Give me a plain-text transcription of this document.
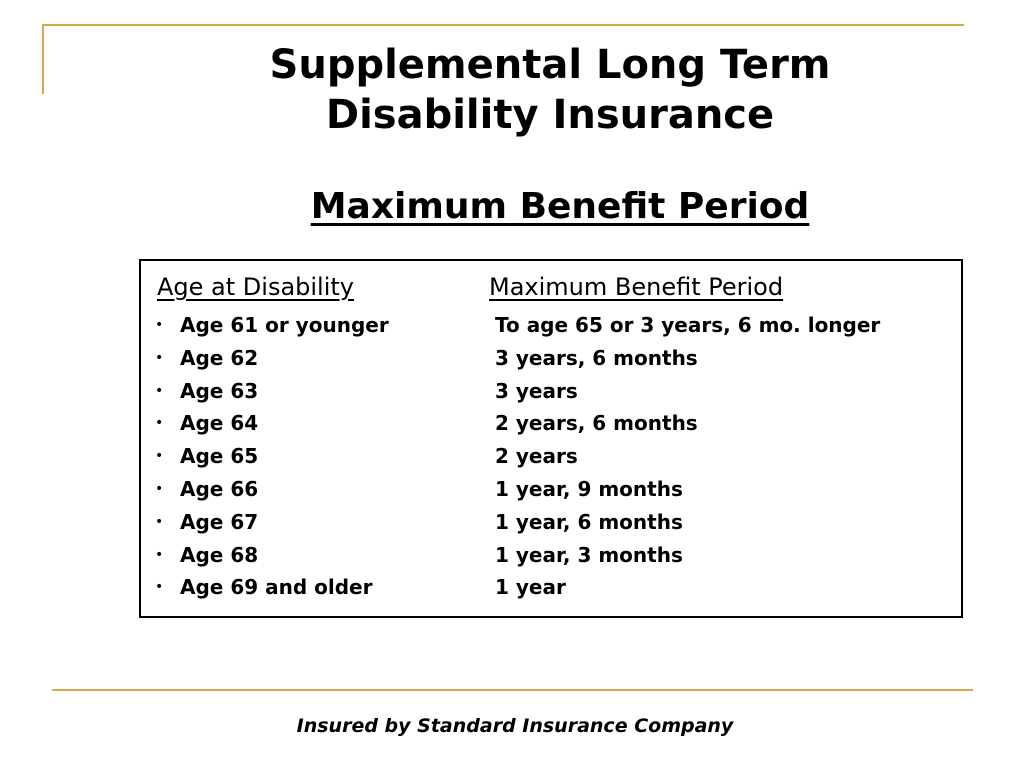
Supplemental Long Term
Disability Insurance
Maximum Benefit Period
Age at Disability	Maximum Benefit Period
• Age 61 or younger	To age 65 or 3 years, 6 mo. longer
• Age 62	3 years, 6 months
• Age 63	3 years
• Age 64	2 years, 6 months
• Age 65	2 years
• Age 66	1 year, 9 months
• Age 67	1 year, 6 months
• Age 68	1 year, 3 months
• Age 69 and older	1 year

Insured by Standard Insurance Company
